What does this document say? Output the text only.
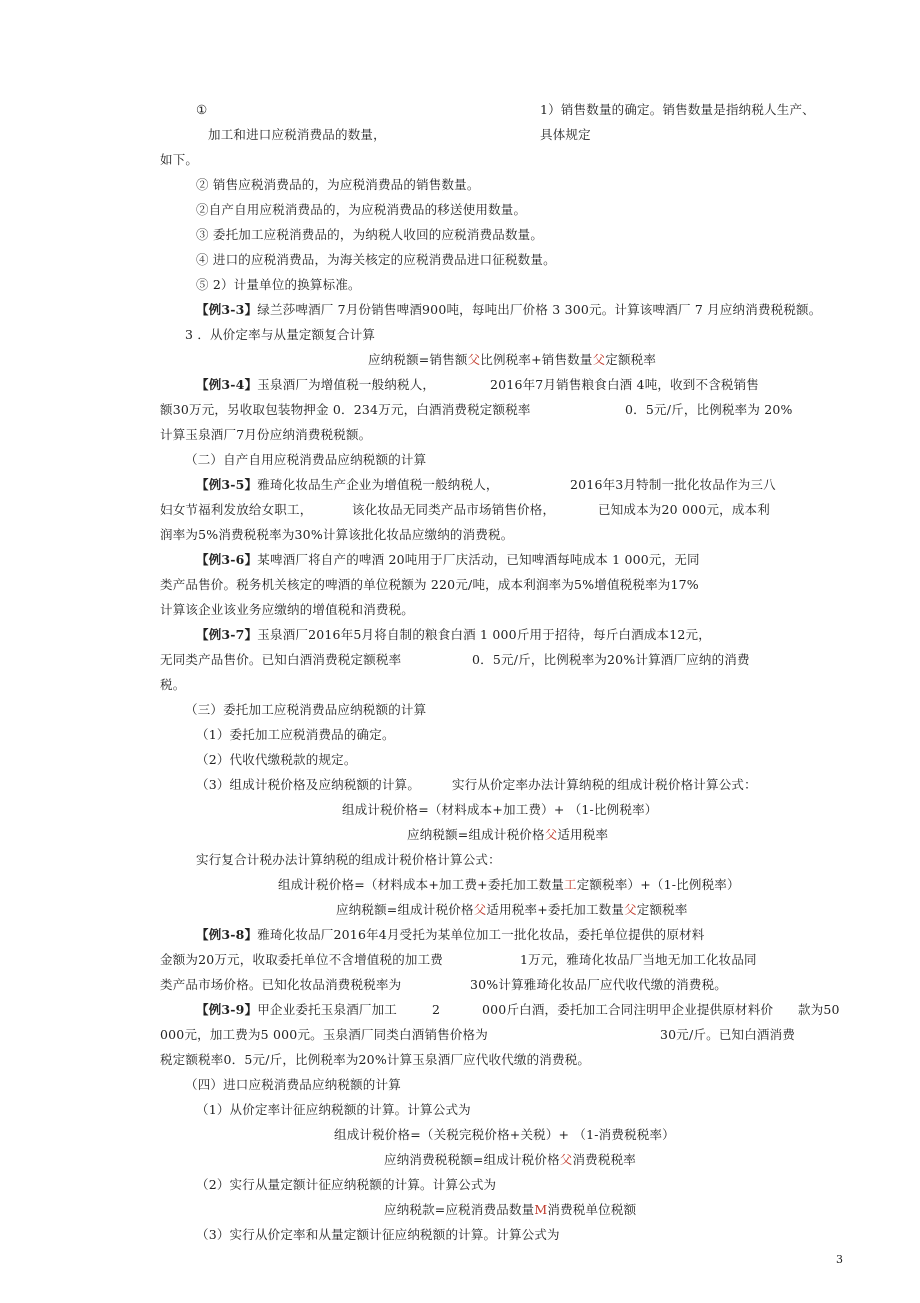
①	1）销售数量的确定。销售数量是指纳税人生产、
加工和进口应税消费品的数量，	具体规定
如下。
② 销售应税消费品的，为应税消费品的销售数量。
②自产自用应税消费品的，为应税消费品的移送使用数量。
③ 委托加工应税消费品的，为纳税人收回的应税消费品数量。
④ 进口的应税消费品，为海关核定的应税消费品进口征税数量。
⑤ 2）计量单位的换算标准。
【例3-3】绿兰莎啤酒厂 7月份销售啤酒900吨，每吨出厂价格 3 300元。计算该啤酒厂 7 月应纳消费税税额。
3 ．从价定率与从量定额复合计算
应纳税额=销售额父比例税率+销售数量父定额税率
【例3-4】玉泉酒厂为增值税一般纳税人，	2016年7月销售粮食白酒 4吨，收到不含税销售
额30万元，另收取包装物押金 0．234万元，白酒消费税定额税率	0．5元/斤，比例税率为 20%
计算玉泉酒厂7月份应纳消费税税额。
（二）自产自用应税消费品应纳税额的计算
【例3-5】雅琦化妆品生产企业为增值税一般纳税人，	2016年3月特制一批化妆品作为三八
妇女节福利发放给女职工，	该化妆品无同类产品市场销售价格，	已知成本为20 000元，成本利
润率为5%消费税税率为30%计算该批化妆品应缴纳的消费税。
【例3-6】某啤酒厂将自产的啤酒 20吨用于厂庆活动，已知啤酒每吨成本 1 000元，无同
类产品售价。税务机关核定的啤酒的单位税额为 220元/吨，成本利润率为5%增值税税率为17%
计算该企业该业务应缴纳的增值税和消费税。
【例3-7】玉泉酒厂2016年5月将自制的粮食白酒 1 000斤用于招待，每斤白酒成本12元，
无同类产品售价。已知白酒消费税定额税率	0．5元/斤，比例税率为20%计算酒厂应纳的消费
税。
（三）委托加工应税消费品应纳税额的计算
（1）委托加工应税消费品的确定。
（2）代收代缴税款的规定。
（3）组成计税价格及应纳税额的计算。	实行从价定率办法计算纳税的组成计税价格计算公式：
组成计税价格=（材料成本+加工费）+ （1-比例税率）
应纳税额=组成计税价格父适用税率
实行复合计税办法计算纳税的组成计税价格计算公式：
组成计税价格=（材料成本+加工费+委托加工数量工定额税率）+（1-比例税率）
应纳税额=组成计税价格父适用税率+委托加工数量父定额税率
【例3-8】雅琦化妆品厂2016年4月受托为某单位加工一批化妆品，委托单位提供的原材料
金额为20万元，收取委托单位不含增值税的加工费	1万元，雅琦化妆品厂当地无加工化妆品同
类产品市场价格。已知化妆品消费税税率为	30%计算雅琦化妆品厂应代收代缴的消费税。
【例3-9】甲企业委托玉泉酒厂加工	2	000斤白酒，委托加工合同注明甲企业提供原材料价 款为50
000元，加工费为5 000元。玉泉酒厂同类白酒销售价格为	30元/斤。已知白酒消费
税定额税率0．5元/斤，比例税率为20%计算玉泉酒厂应代收代缴的消费税。
（四）进口应税消费品应纳税额的计算
（1）从价定率计征应纳税额的计算。计算公式为
组成计税价格=（关税完税价格+关税）+ （1-消费税税率）
应纳消费税税额=组成计税价格父消费税税率
（2）实行从量定额计征应纳税额的计算。计算公式为
应纳税款=应税消费品数量M消费税单位税额
（3）实行从价定率和从量定额计征应纳税额的计算。计算公式为
3
